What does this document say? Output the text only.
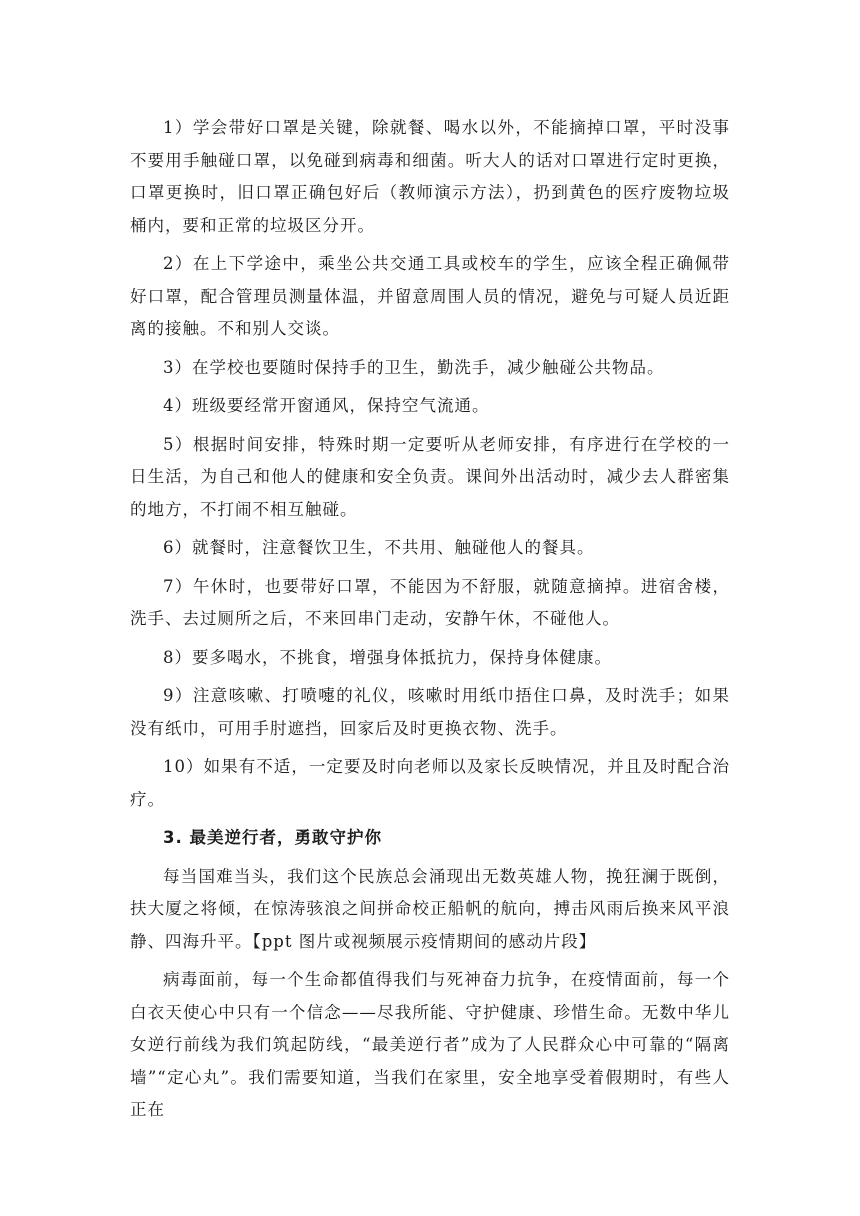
1）学会带好口罩是关键，除就餐、喝水以外，不能摘掉口罩，平时没事不要用手触碰口罩，以免碰到病毒和细菌。听大人的话对口罩进行定时更换，口罩更换时，旧口罩正确包好后（教师演示方法），扔到黄色的医疗废物垃圾桶内，要和正常的垃圾区分开。

2）在上下学途中，乘坐公共交通工具或校车的学生，应该全程正确佩带好口罩，配合管理员测量体温，并留意周围人员的情况，避免与可疑人员近距离的接触。不和别人交谈。

3）在学校也要随时保持手的卫生，勤洗手，减少触碰公共物品。

4）班级要经常开窗通风，保持空气流通。

5）根据时间安排，特殊时期一定要听从老师安排，有序进行在学校的一日生活，为自己和他人的健康和安全负责。课间外出活动时，减少去人群密集的地方，不打闹不相互触碰。

6）就餐时，注意餐饮卫生，不共用、触碰他人的餐具。

7）午休时，也要带好口罩，不能因为不舒服，就随意摘掉。进宿舍楼，洗手、去过厕所之后，不来回串门走动，安静午休，不碰他人。

8）要多喝水，不挑食，增强身体抵抗力，保持身体健康。

9）注意咳嗽、打喷嚏的礼仪，咳嗽时用纸巾捂住口鼻，及时洗手；如果没有纸巾，可用手肘遮挡，回家后及时更换衣物、洗手。

10）如果有不适，一定要及时向老师以及家长反映情况，并且及时配合治疗。

3. 最美逆行者，勇敢守护你

每当国难当头，我们这个民族总会涌现出无数英雄人物，挽狂澜于既倒，扶大厦之将倾，在惊涛骇浪之间拼命校正船帆的航向，搏击风雨后换来风平浪静、四海升平。【ppt 图片或视频展示疫情期间的感动片段】

病毒面前，每一个生命都值得我们与死神奋力抗争，在疫情面前，每一个白衣天使心中只有一个信念——尽我所能、守护健康、珍惜生命。无数中华儿女逆行前线为我们筑起防线，“最美逆行者”成为了人民群众心中可靠的“隔离墙”“定心丸”。我们需要知道，当我们在家里，安全地享受着假期时，有些人正在
